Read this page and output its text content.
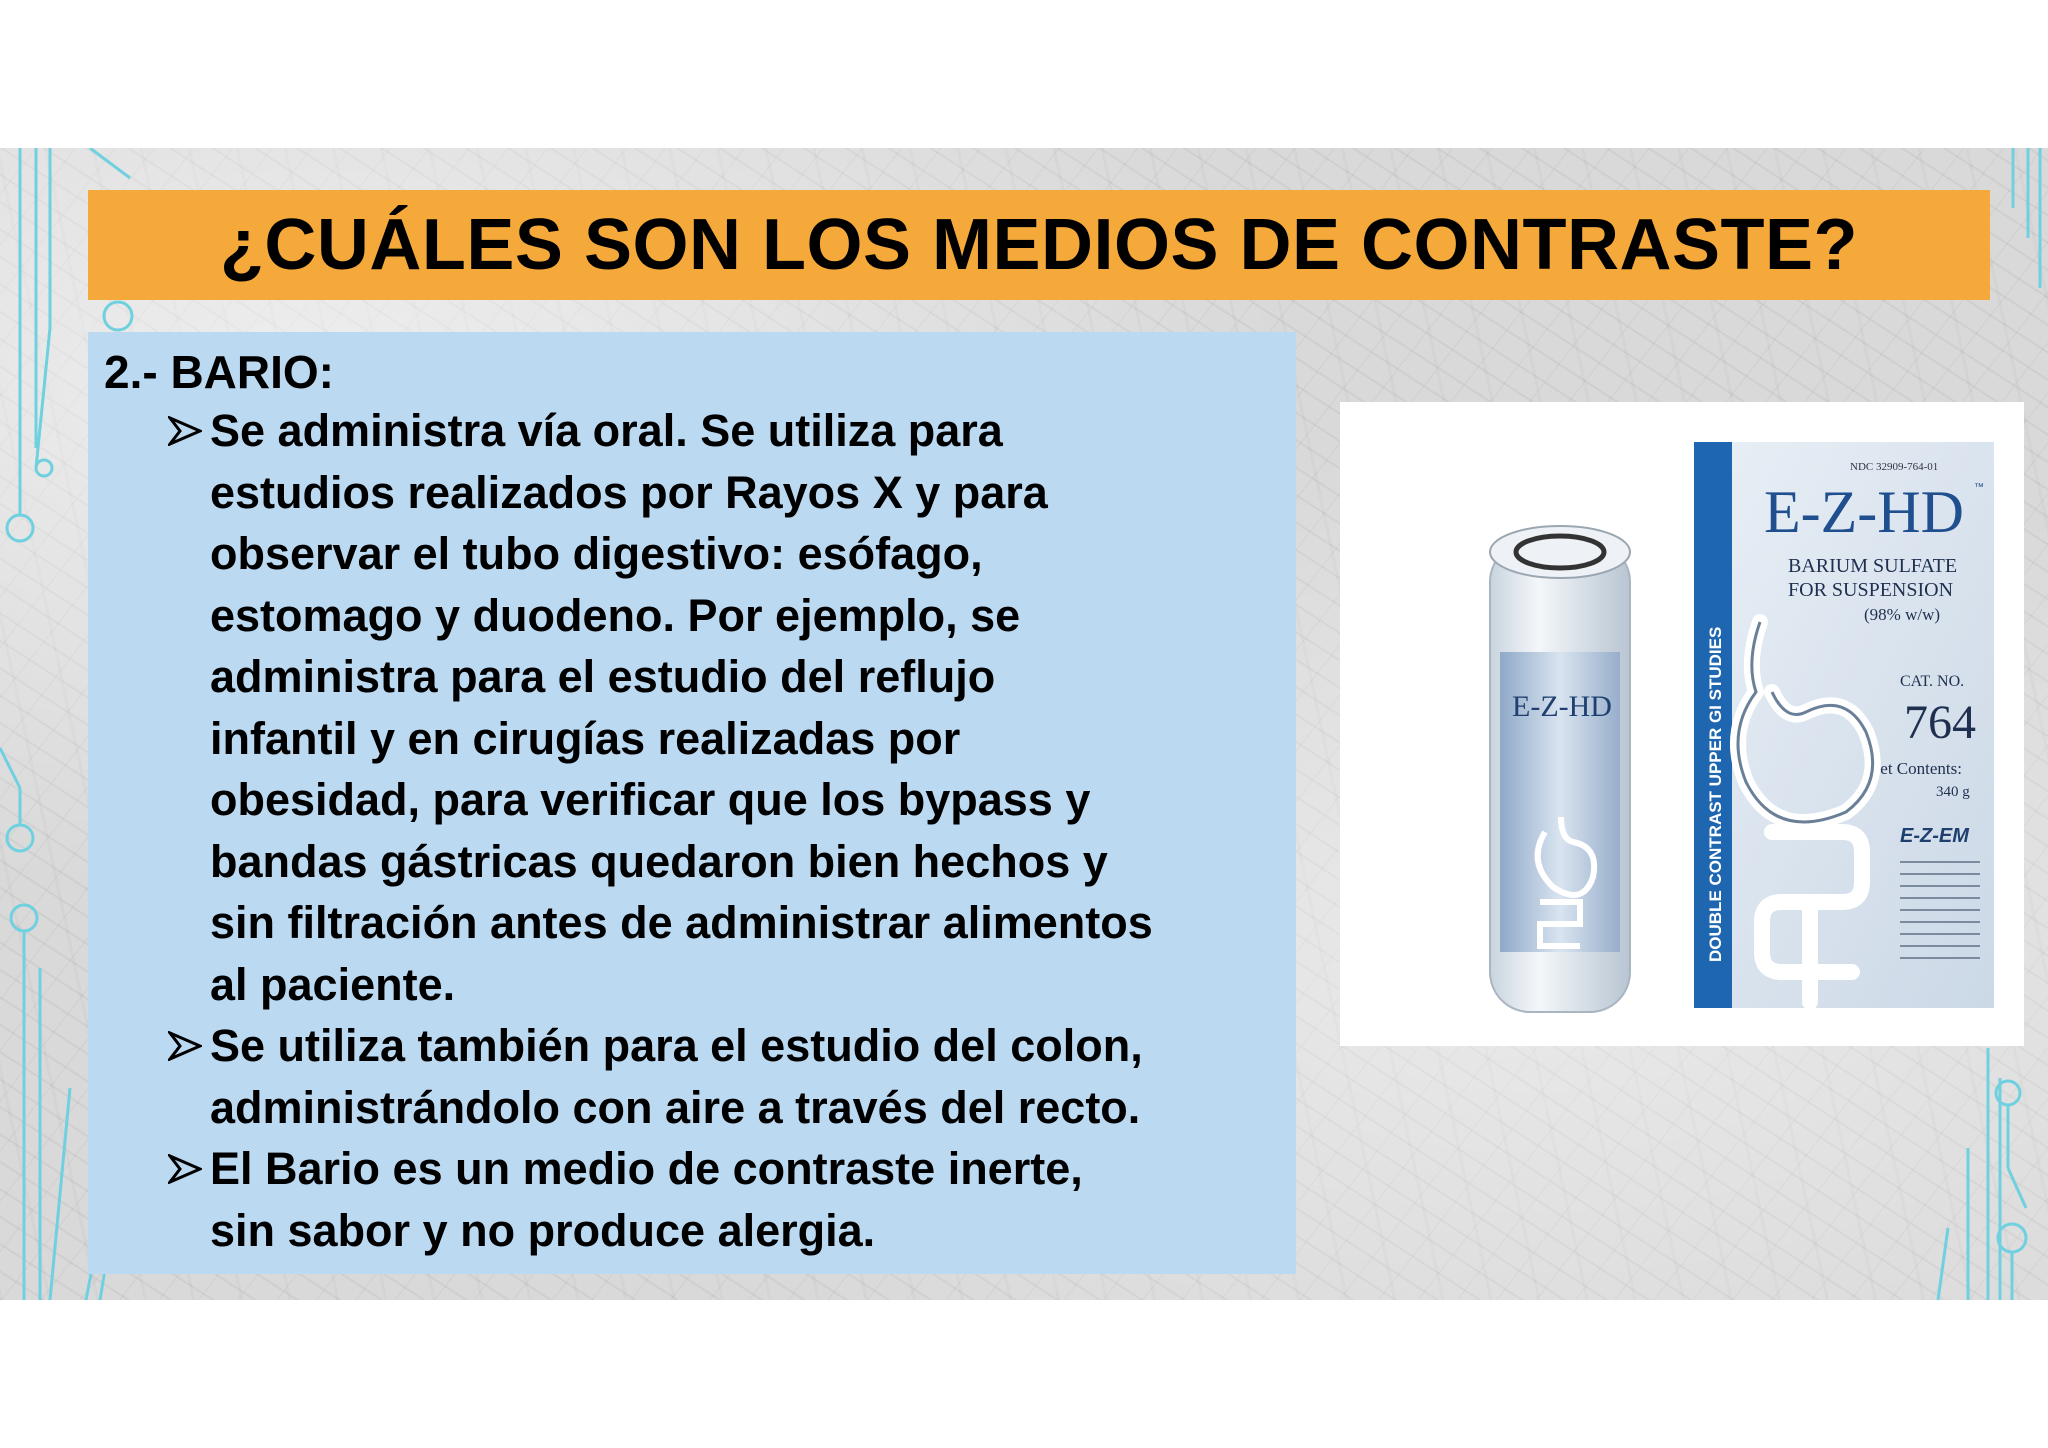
¿CUÁLES SON LOS MEDIOS DE CONTRASTE?
2.- BARIO:
Se administra vía oral. Se utiliza para
estudios realizados por Rayos X y para
observar el tubo digestivo: esófago,
estomago y duodeno. Por ejemplo, se
administra para el estudio del reflujo
infantil y en cirugías realizadas por
obesidad, para verificar que los bypass y
bandas gástricas quedaron bien hechos y
sin filtración antes de administrar alimentos
al paciente.
Se utiliza también para el estudio del colon,
administrándolo con aire a través del recto.
El Bario es un medio de contraste inerte,
sin sabor y no produce alergia.
E-Z-HD	DOUBLE CONTRAST UPPER GI STUDIES
NDC 32909-764-01
E-Z-HD ™
BARIUM SULFATE
FOR SUSPENSION
(98% w/w)
CAT. NO.
764
Net Contents:
340 g
E-Z-EM
